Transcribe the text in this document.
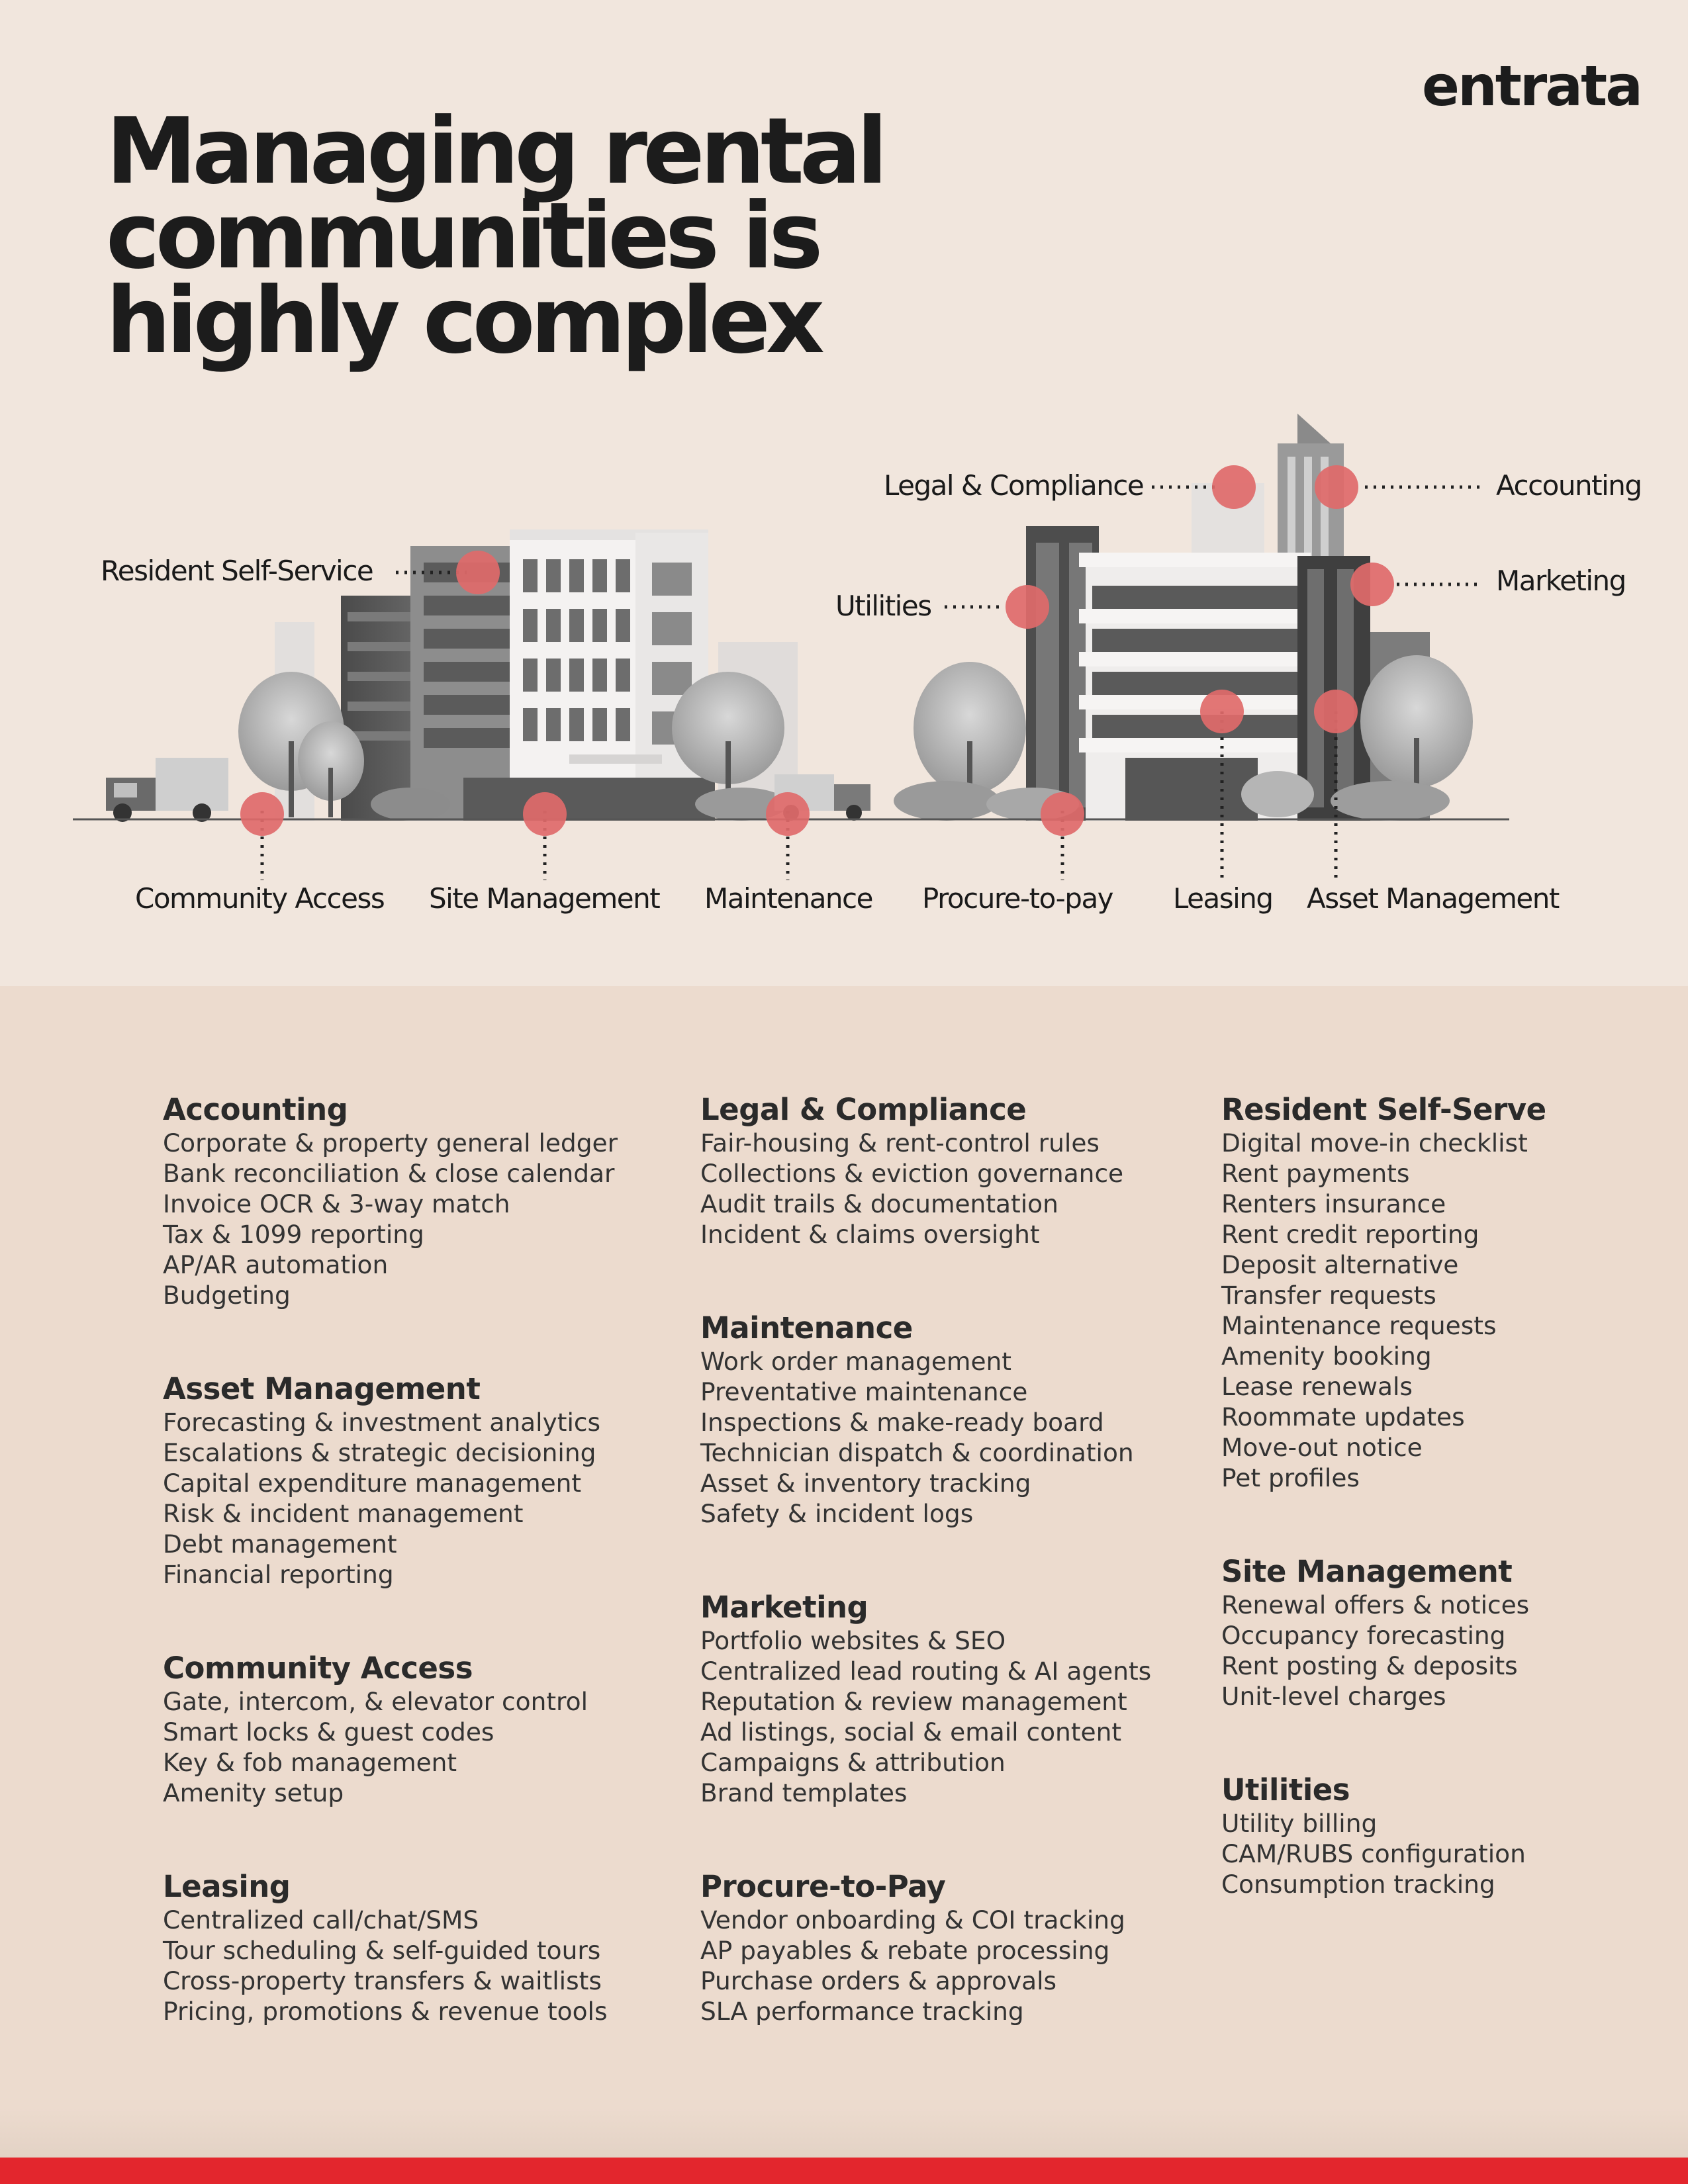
entrata
Managing rental
communities is
highly complex
Resident Self-Service
Legal & Compliance	Accounting
Utilities
Marketing
Community Access Site Management Maintenance Procure-to-pay Leasing Asset Management
Accounting
Corporate & property general ledger
Bank reconciliation & close calendar
Invoice OCR & 3-way match
Tax & 1099 reporting
AP/AR automation
Budgeting
Asset Management
Forecasting & investment analytics
Escalations & strategic decisioning
Capital expenditure management
Risk & incident management
Debt management
Financial reporting
Community Access
Gate, intercom, & elevator control
Smart locks & guest codes
Key & fob management
Amenity setup
Leasing
Centralized call/chat/SMS
Tour scheduling & self-guided tours
Cross-property transfers & waitlists
Pricing, promotions & revenue tools
Legal & Compliance
Fair-housing & rent-control rules
Collections & eviction governance
Audit trails & documentation
Incident & claims oversight
Maintenance
Work order management
Preventative maintenance
Inspections & make-ready board
Technician dispatch & coordination
Asset & inventory tracking
Safety & incident logs
Marketing
Portfolio websites & SEO
Centralized lead routing & AI agents
Reputation & review management
Ad listings, social & email content
Campaigns & attribution
Brand templates
Procure-to-Pay
Vendor onboarding & COI tracking
AP payables & rebate processing
Purchase orders & approvals
SLA performance tracking
Resident Self-Serve
Digital move-in checklist
Rent payments
Renters insurance
Rent credit reporting
Deposit alternative
Transfer requests
Maintenance requests
Amenity booking
Lease renewals
Roommate updates
Move-out notice
Pet profiles
Site Management
Renewal offers & notices
Occupancy forecasting
Rent posting & deposits
Unit-level charges
Utilities
Utility billing
CAM/RUBS configuration
Consumption tracking
